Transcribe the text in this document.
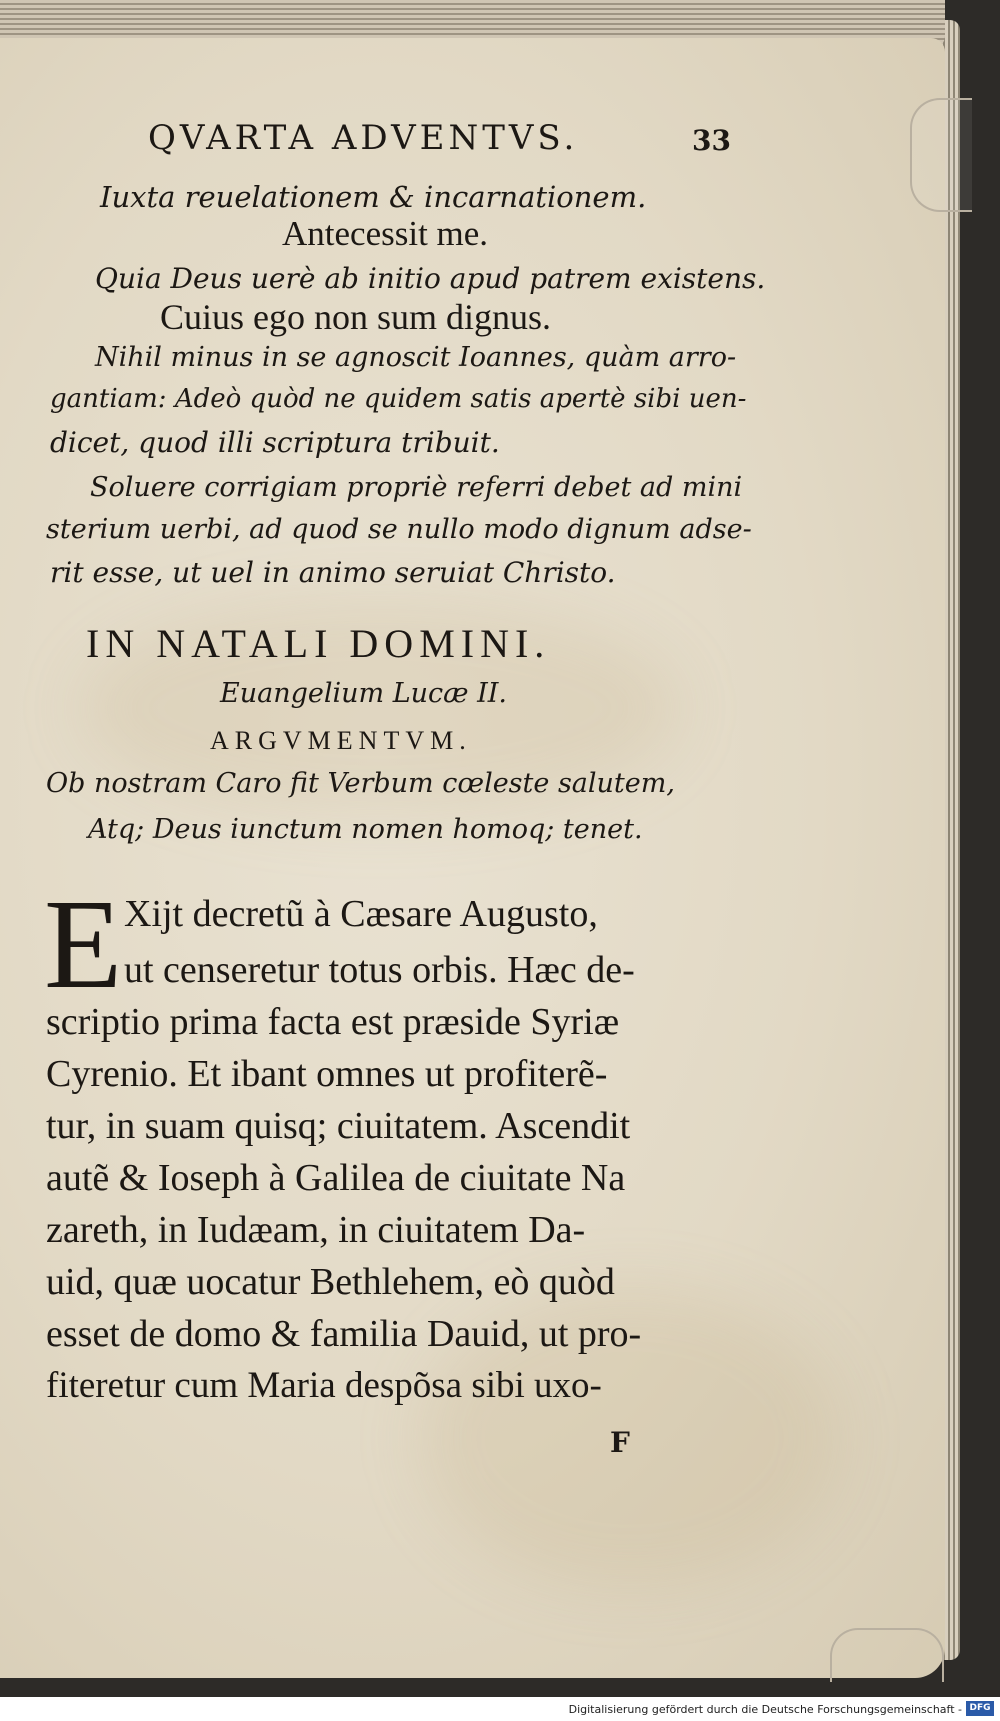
QVARTA ADVENTVS.	33
Iuxta reuelationem & incarnationem.
Antecessit me.
Quia Deus uerè ab initio apud patrem existens.
Cuius ego non sum dignus.
Nihil minus in se agnoscit Ioannes, quàm arro-
gantiam: Adeò quòd ne quidem satis apertè sibi uen-
dicet, quod illi scriptura tribuit.
Soluere corrigiam propriè referri debet ad mini
sterium uerbi, ad quod se nullo modo dignum adse-
rit esse, ut uel in animo seruiat Christo.
IN NATALI DOMINI.
Euangelium Lucæ II.
ARGVMENTVM.
Ob nostram Caro fit Verbum cœleste salutem,
Atq; Deus iunctum nomen homoq; tenet.
E Xijt decretũ à Cæsare Augusto,
ut censeretur totus orbis. Hæc de-
scriptio prima facta est præside Syriæ
Cyrenio. Et ibant omnes ut profiterẽ-
tur, in suam quisq; ciuitatem. Ascendit
autẽ & Ioseph à Galilea de ciuitate Na
zareth, in Iudæam, in ciuitatem Da-
uid, quæ uocatur Bethlehem, eò quòd
esset de domo & familia Dauid, ut pro-
fiteretur cum Maria despõsa sibi uxo-
F
Digitalisierung gefördert durch die Deutsche Forschungsgemeinschaft - DFG
